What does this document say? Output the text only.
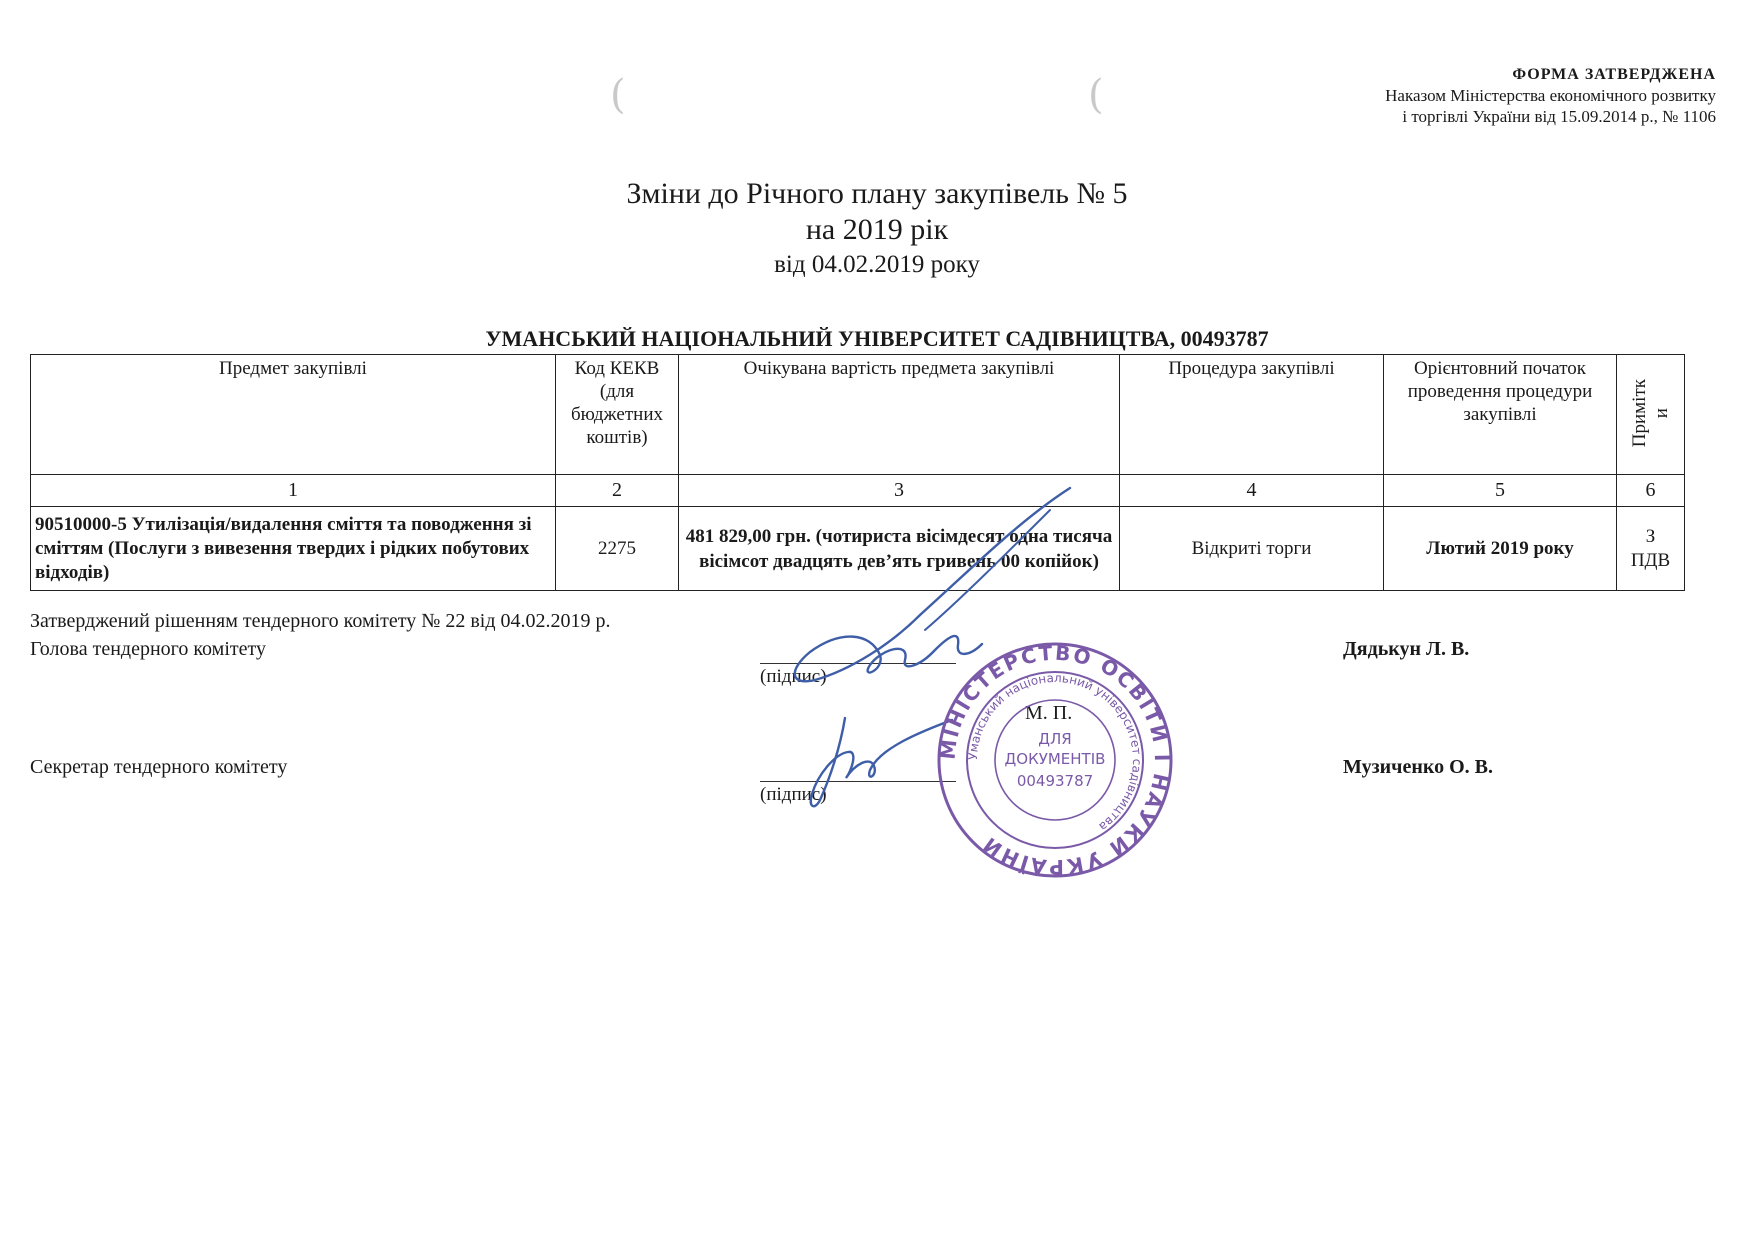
(	(	ФОРМА ЗАТВЕРДЖЕНА
Наказом Міністерства економічного розвитку
і торгівлі України від 15.09.2014 р., № 1106
Зміни до Річного плану закупівель № 5
на 2019 рік
від 04.02.2019 року
УМАНСЬКИЙ НАЦІОНАЛЬНИЙ УНІВЕРСИТЕТ САДІВНИЦТВА, 00493787
Предмет закупівлі	Код КЕКВ (для бюджетних коштів)	Очікувана вартість предмета закупівлі	Процедура закупівлі	Орієнтовний початок проведення процедури закупівлі	Примітк
и

1	2	3	4	5	6
90510000-5 Утилізація/видалення сміття та поводження зі сміттям (Послуги з вивезення твердих і рідких побутових відходів)	2275	481 829,00 грн. (чотириста вісімдесят одна тисяча вісімсот двадцять дев’ять гривень 00 копійок)	Відкриті торги	Лютий 2019 року	З
ПДВ
Затверджений рішенням тендерного комітету № 22 від 04.02.2019 р.
Голова тендерного комітету
(підпис)
Дядькун Л. В.
М. П.
Секретар тендерного комітету
(підпис)
Музиченко О. В.
МІНІСТЕРСТВО ОСВІТИ І НАУКИ УКРАЇНИ
Уманський національний університет садівництва
ДЛЯ
ДОКУМЕНТІВ
00493787
